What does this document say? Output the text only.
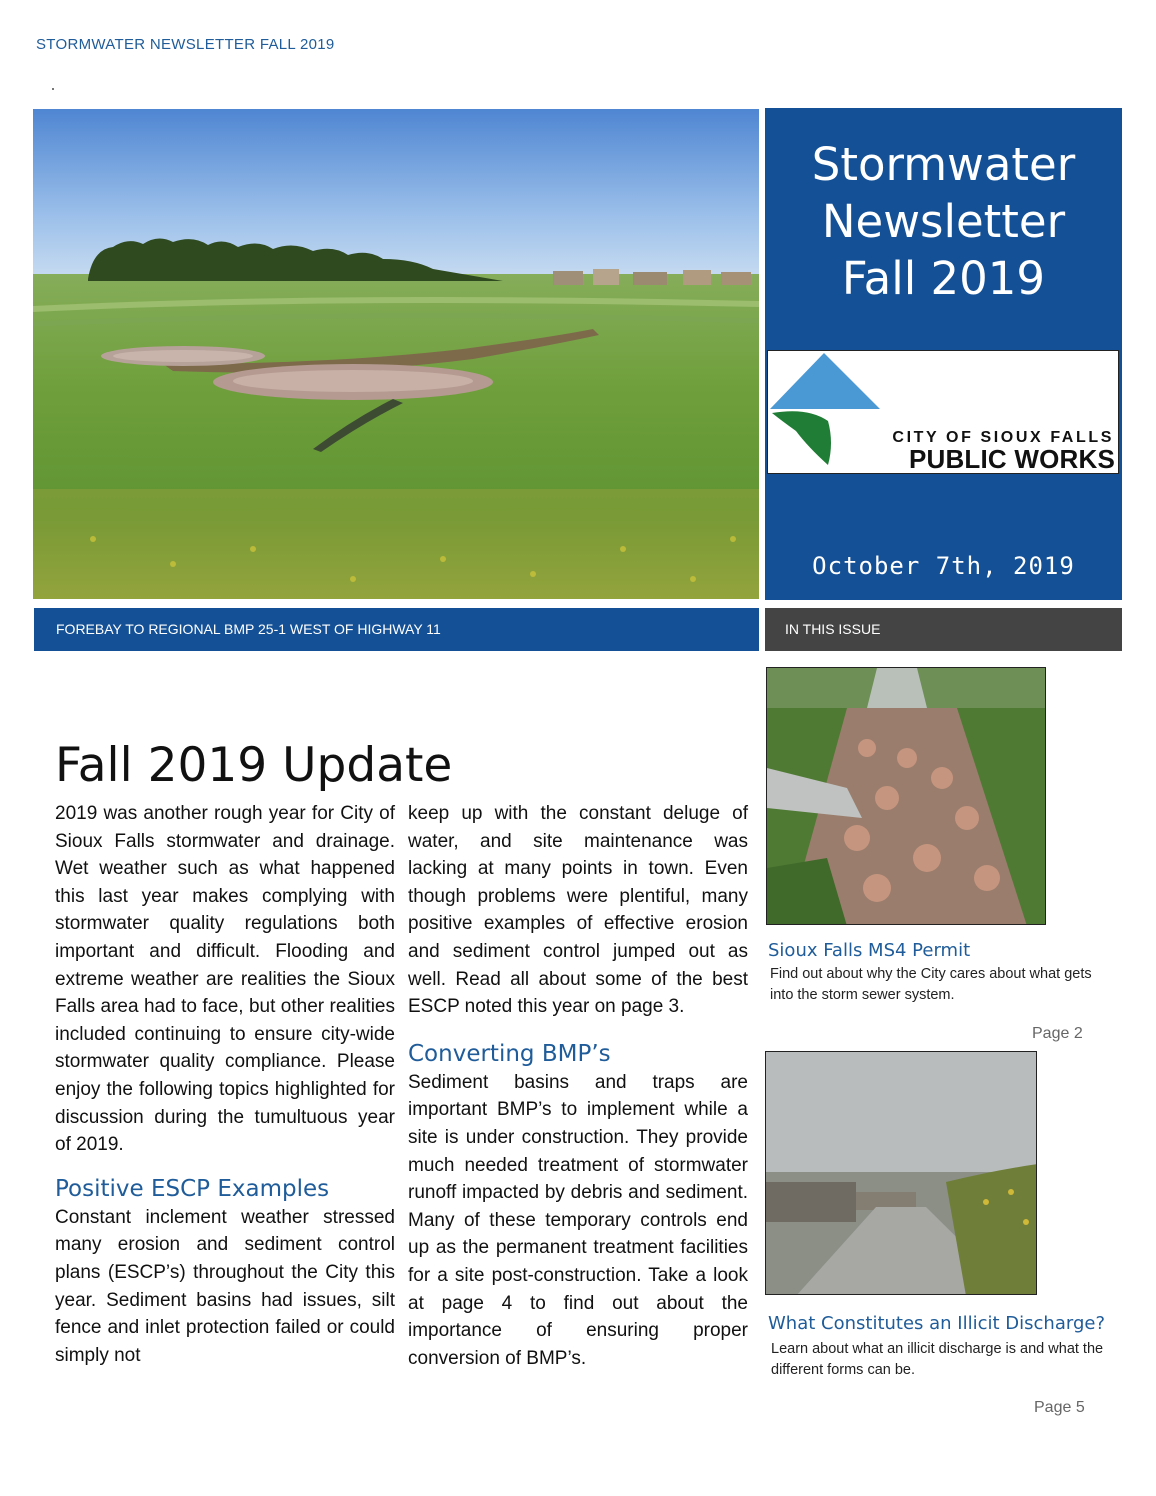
STORMWATER NEWSLETTER FALL 2019
Stormwater
Newsletter
Fall 2019
CITY OF SIOUX FALLS
PUBLIC WORKS
October 7th, 2019
FOREBAY TO REGIONAL BMP 25-1 WEST OF HIGHWAY 11	IN THIS ISSUE
Fall 2019 Update

2019 was another rough year for City of Sioux Falls stormwater and drainage. Wet weather such as what happened this last year makes complying with stormwater quality regulations both important and difficult. Flooding and extreme weather are realities the Sioux Falls area had to face, but other realities included continuing to ensure city-wide stormwater quality compliance. Please enjoy the following topics highlighted for discussion during the tumultuous year of 2019.

Positive ESCP Examples

Constant inclement weather stressed many erosion and sediment control plans (ESCP’s) throughout the City this year. Sediment basins had issues, silt fence and inlet protection failed or could simply not

keep up with the constant deluge of water, and site maintenance was lacking at many points in town. Even though problems were plentiful, many positive examples of effective erosion and sediment control jumped out as well. Read all about some of the best ESCP noted this year on page 3.

Converting BMP’s

Sediment basins and traps are important BMP’s to implement while a site is under construction. They provide much needed treatment of stormwater runoff impacted by debris and sediment. Many of these temporary controls end up as the permanent treatment facilities for a site post-construction. Take a look at page 4 to find out about the importance of ensuring proper conversion of BMP’s.

Sioux Falls MS4 Permit
Find out about why the City cares about what gets into the storm sewer system.
Page 2
What Constitutes an Illicit Discharge?
Learn about what an illicit discharge is and what the different forms can be.
Page 5
